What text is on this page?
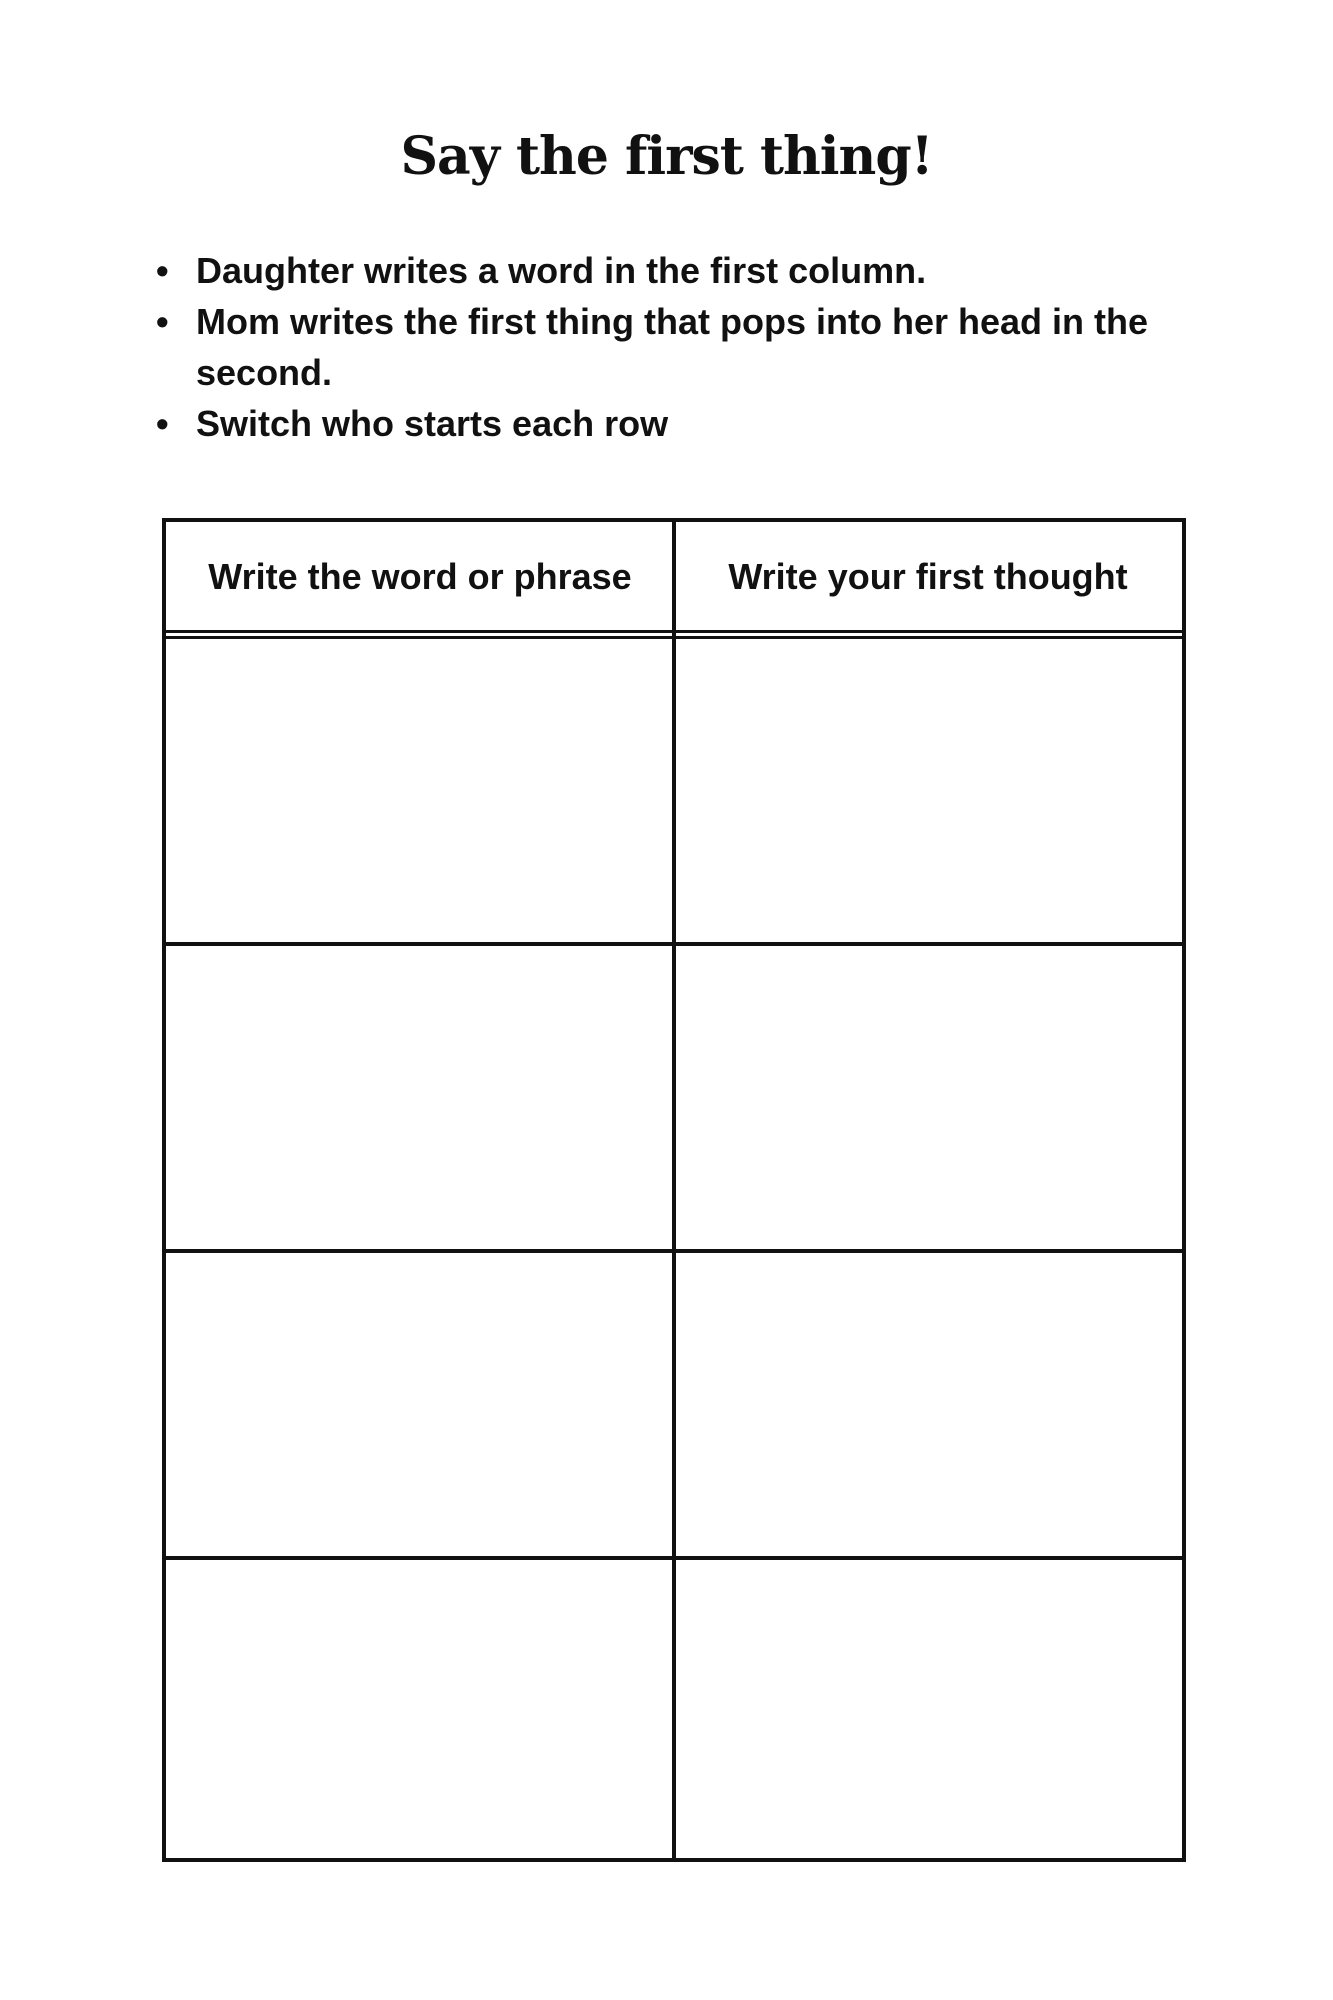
Say the first thing!
• Daughter writes a word in the first column.
• Mom writes the first thing that pops into her head in the second.
• Switch who starts each row
Write the word or phrase	Write your first thought
